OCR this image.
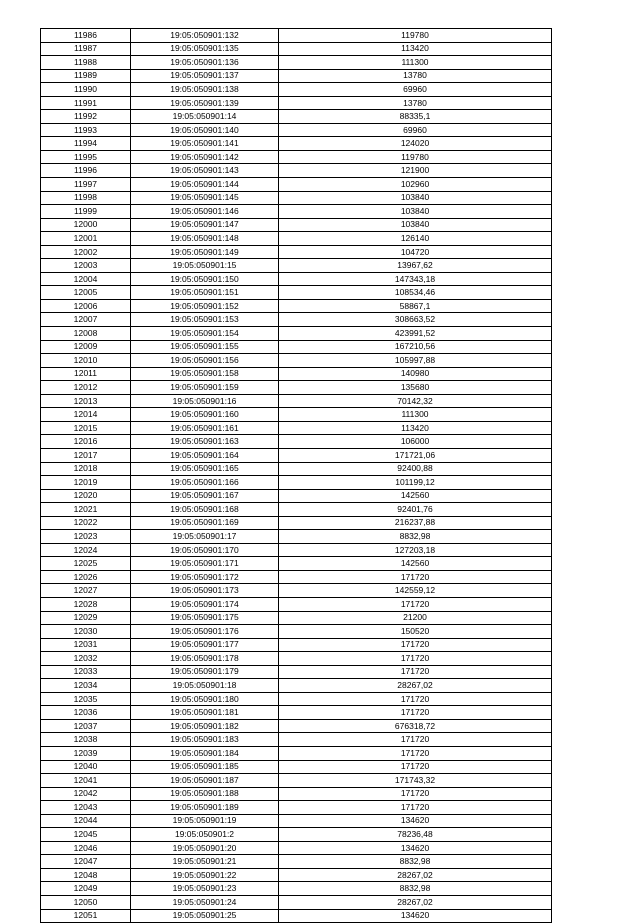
11986	19:05:050901:132	119780
11987	19:05:050901:135	113420
11988	19:05:050901:136	111300
11989	19:05:050901:137	13780
11990	19:05:050901:138	69960
11991	19:05:050901:139	13780
11992	19:05:050901:14	88335,1
11993	19:05:050901:140	69960
11994	19:05:050901:141	124020
11995	19:05:050901:142	119780
11996	19:05:050901:143	121900
11997	19:05:050901:144	102960
11998	19:05:050901:145	103840
11999	19:05:050901:146	103840
12000	19:05:050901:147	103840
12001	19:05:050901:148	126140
12002	19:05:050901:149	104720
12003	19:05:050901:15	13967,62
12004	19:05:050901:150	147343,18
12005	19:05:050901:151	108534,46
12006	19:05:050901:152	58867,1
12007	19:05:050901:153	308663,52
12008	19:05:050901:154	423991,52
12009	19:05:050901:155	167210,56
12010	19:05:050901:156	105997,88
12011	19:05:050901:158	140980
12012	19:05:050901:159	135680
12013	19:05:050901:16	70142,32
12014	19:05:050901:160	111300
12015	19:05:050901:161	113420
12016	19:05:050901:163	106000
12017	19:05:050901:164	171721,06
12018	19:05:050901:165	92400,88
12019	19:05:050901:166	101199,12
12020	19:05:050901:167	142560
12021	19:05:050901:168	92401,76
12022	19:05:050901:169	216237,88
12023	19:05:050901:17	8832,98
12024	19:05:050901:170	127203,18
12025	19:05:050901:171	142560
12026	19:05:050901:172	171720
12027	19:05:050901:173	142559,12
12028	19:05:050901:174	171720
12029	19:05:050901:175	21200
12030	19:05:050901:176	150520
12031	19:05:050901:177	171720
12032	19:05:050901:178	171720
12033	19:05:050901:179	171720
12034	19:05:050901:18	28267,02
12035	19:05:050901:180	171720
12036	19:05:050901:181	171720
12037	19:05:050901:182	676318,72
12038	19:05:050901:183	171720
12039	19:05:050901:184	171720
12040	19:05:050901:185	171720
12041	19:05:050901:187	171743,32
12042	19:05:050901:188	171720
12043	19:05:050901:189	171720
12044	19:05:050901:19	134620
12045	19:05:050901:2	78236,48
12046	19:05:050901:20	134620
12047	19:05:050901:21	8832,98
12048	19:05:050901:22	28267,02
12049	19:05:050901:23	8832,98
12050	19:05:050901:24	28267,02
12051	19:05:050901:25	134620
